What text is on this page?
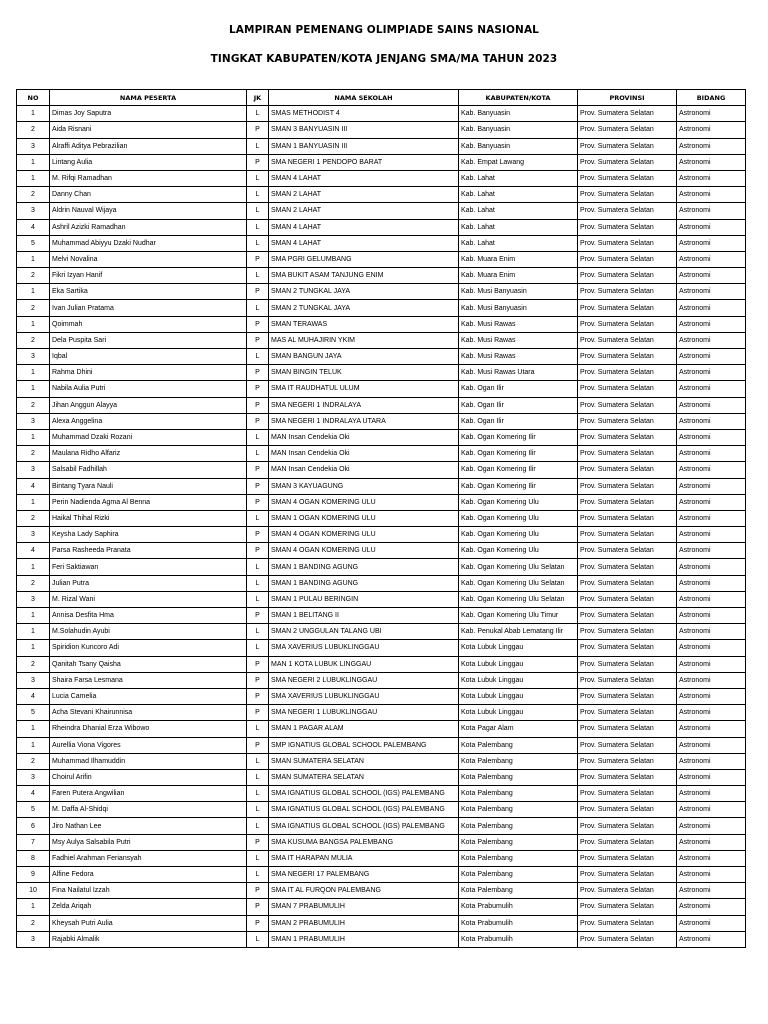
LAMPIRAN PEMENANG OLIMPIADE SAINS NASIONAL
TINGKAT KABUPATEN/KOTA JENJANG SMA/MA TAHUN 2023
NO	NAMA PESERTA	JK	NAMA SEKOLAH	KABUPATEN/KOTA	PROVINSI	BIDANG
1	Dimas Joy Saputra	L	SMAS METHODIST 4	Kab. Banyuasin	Prov. Sumatera Selatan	Astronomi
2	Aida Risnani	P	SMAN 3 BANYUASIN III	Kab. Banyuasin	Prov. Sumatera Selatan	Astronomi
3	Alraffi Aditya Pebrazilian	L	SMAN 1 BANYUASIN III	Kab. Banyuasin	Prov. Sumatera Selatan	Astronomi
1	Lintang Aulia	P	SMA NEGERI 1 PENDOPO BARAT	Kab. Empat Lawang	Prov. Sumatera Selatan	Astronomi
1	M. Rifqi Ramadhan	L	SMAN 4 LAHAT	Kab. Lahat	Prov. Sumatera Selatan	Astronomi
2	Danny Chan	L	SMAN 2 LAHAT	Kab. Lahat	Prov. Sumatera Selatan	Astronomi
3	Aldrin Nauval Wijaya	L	SMAN 2 LAHAT	Kab. Lahat	Prov. Sumatera Selatan	Astronomi
4	Ashril Azizki Ramadhan	L	SMAN 4 LAHAT	Kab. Lahat	Prov. Sumatera Selatan	Astronomi
5	Muhammad Abiyyu Dzaki Nudhar	L	SMAN 4 LAHAT	Kab. Lahat	Prov. Sumatera Selatan	Astronomi
1	Melvi Novalina	P	SMA PGRI GELUMBANG	Kab. Muara Enim	Prov. Sumatera Selatan	Astronomi
2	Fikri Izyan Hanif	L	SMA BUKIT ASAM TANJUNG ENIM	Kab. Muara Enim	Prov. Sumatera Selatan	Astronomi
1	Eka Sartika	P	SMAN 2 TUNGKAL JAYA	Kab. Musi Banyuasin	Prov. Sumatera Selatan	Astronomi
2	Ivan Julian Pratama	L	SMAN 2 TUNGKAL JAYA	Kab. Musi Banyuasin	Prov. Sumatera Selatan	Astronomi
1	Qoimmah	P	SMAN TERAWAS	Kab. Musi Rawas	Prov. Sumatera Selatan	Astronomi
2	Dela Puspita Sari	P	MAS AL MUHAJIRIN YKIM	Kab. Musi Rawas	Prov. Sumatera Selatan	Astronomi
3	Iqbal	L	SMAN BANGUN JAYA	Kab. Musi Rawas	Prov. Sumatera Selatan	Astronomi
1	Rahma Dhini	P	SMAN BINGIN TELUK	Kab. Musi Rawas Utara	Prov. Sumatera Selatan	Astronomi
1	Nabila Aulia Putri	P	SMA IT RAUDHATUL ULUM	Kab. Ogan Ilir	Prov. Sumatera Selatan	Astronomi
2	Jihan Anggun Alayya	P	SMA NEGERI 1 INDRALAYA	Kab. Ogan Ilir	Prov. Sumatera Selatan	Astronomi
3	Alexa Anggelina	P	SMA NEGERI 1 INDRALAYA UTARA	Kab. Ogan Ilir	Prov. Sumatera Selatan	Astronomi
1	Muhammad Dzaki Rozani	L	MAN Insan Cendekia Oki	Kab. Ogan Komering Ilir	Prov. Sumatera Selatan	Astronomi
2	Maulana Ridho Alfariz	L	MAN Insan Cendekia Oki	Kab. Ogan Komering Ilir	Prov. Sumatera Selatan	Astronomi
3	Salsabil Fadhillah	P	MAN Insan Cendekia Oki	Kab. Ogan Komering Ilir	Prov. Sumatera Selatan	Astronomi
4	Bintang Tyara Nauli	P	SMAN 3 KAYUAGUNG	Kab. Ogan Komering Ilir	Prov. Sumatera Selatan	Astronomi
1	Perin Nadienda Agma Al Benna	P	SMAN 4 OGAN KOMERING ULU	Kab. Ogan Komering Ulu	Prov. Sumatera Selatan	Astronomi
2	Haikal Thihal Rizki	L	SMAN 1 OGAN KOMERING ULU	Kab. Ogan Komering Ulu	Prov. Sumatera Selatan	Astronomi
3	Keysha Lady Saphira	P	SMAN 4 OGAN KOMERING ULU	Kab. Ogan Komering Ulu	Prov. Sumatera Selatan	Astronomi
4	Parsa Rasheeda Pranata	P	SMAN 4 OGAN KOMERING ULU	Kab. Ogan Komering Ulu	Prov. Sumatera Selatan	Astronomi
1	Feri Saktiawan	L	SMAN 1 BANDING AGUNG	Kab. Ogan Komering Ulu Selatan	Prov. Sumatera Selatan	Astronomi
2	Julian Putra	L	SMAN 1 BANDING AGUNG	Kab. Ogan Komering Ulu Selatan	Prov. Sumatera Selatan	Astronomi
3	M. Rizal Wani	L	SMAN 1 PULAU BERINGIN	Kab. Ogan Komering Ulu Selatan	Prov. Sumatera Selatan	Astronomi
1	Annisa Desfita Hma	P	SMAN 1 BELITANG II	Kab. Ogan Komering Ulu Timur	Prov. Sumatera Selatan	Astronomi
1	M.Solahudin Ayubi	L	SMAN 2 UNGGULAN TALANG UBI	Kab. Penukal Abab Lematang Ilir	Prov. Sumatera Selatan	Astronomi
1	Spiridion Kuncoro Adi	L	SMA XAVERIUS LUBUKLINGGAU	Kota Lubuk Linggau	Prov. Sumatera Selatan	Astronomi
2	Qanitah Tsany Qaisha	P	MAN 1 KOTA LUBUK LINGGAU	Kota Lubuk Linggau	Prov. Sumatera Selatan	Astronomi
3	Shaira Farsa Lesmana	P	SMA NEGERI 2 LUBUKLINGGAU	Kota Lubuk Linggau	Prov. Sumatera Selatan	Astronomi
4	Lucia Camelia	P	SMA XAVERIUS LUBUKLINGGAU	Kota Lubuk Linggau	Prov. Sumatera Selatan	Astronomi
5	Acha Stevani Khairunnisa	P	SMA NEGERI 1 LUBUKLINGGAU	Kota Lubuk Linggau	Prov. Sumatera Selatan	Astronomi
1	Rheindra Dhanial Erza Wibowo	L	SMAN 1 PAGAR ALAM	Kota Pagar Alam	Prov. Sumatera Selatan	Astronomi
1	Aurellia Viona Vigores	P	SMP IGNATIUS GLOBAL SCHOOL PALEMBANG	Kota Palembang	Prov. Sumatera Selatan	Astronomi
2	Muhammad Ilhamuddin	L	SMAN SUMATERA SELATAN	Kota Palembang	Prov. Sumatera Selatan	Astronomi
3	Choirul Arifin	L	SMAN SUMATERA SELATAN	Kota Palembang	Prov. Sumatera Selatan	Astronomi
4	Faren Putera Angwilian	L	SMA IGNATIUS GLOBAL SCHOOL (IGS) PALEMBANG	Kota Palembang	Prov. Sumatera Selatan	Astronomi
5	M. Daffa Al-Shidqi	L	SMA IGNATIUS GLOBAL SCHOOL (IGS) PALEMBANG	Kota Palembang	Prov. Sumatera Selatan	Astronomi
6	Jiro Nathan Lee	L	SMA IGNATIUS GLOBAL SCHOOL (IGS) PALEMBANG	Kota Palembang	Prov. Sumatera Selatan	Astronomi
7	Msy Aulya Salsabila Putri	P	SMA KUSUMA BANGSA PALEMBANG	Kota Palembang	Prov. Sumatera Selatan	Astronomi
8	Fadhiel Arahman Feriansyah	L	SMA IT HARAPAN MULIA	Kota Palembang	Prov. Sumatera Selatan	Astronomi
9	Alfine Fedora	L	SMA NEGERI 17 PALEMBANG	Kota Palembang	Prov. Sumatera Selatan	Astronomi
10	Fina Nailatul Izzah	P	SMA IT AL FURQON PALEMBANG	Kota Palembang	Prov. Sumatera Selatan	Astronomi
1	Zelda Ariqah	P	SMAN 7 PRABUMULIH	Kota Prabumulih	Prov. Sumatera Selatan	Astronomi
2	Kheysah Putri Aulia	P	SMAN 2 PRABUMULIH	Kota Prabumulih	Prov. Sumatera Selatan	Astronomi
3	Rajabki Almalik	L	SMAN 1 PRABUMULIH	Kota Prabumulih	Prov. Sumatera Selatan	Astronomi
